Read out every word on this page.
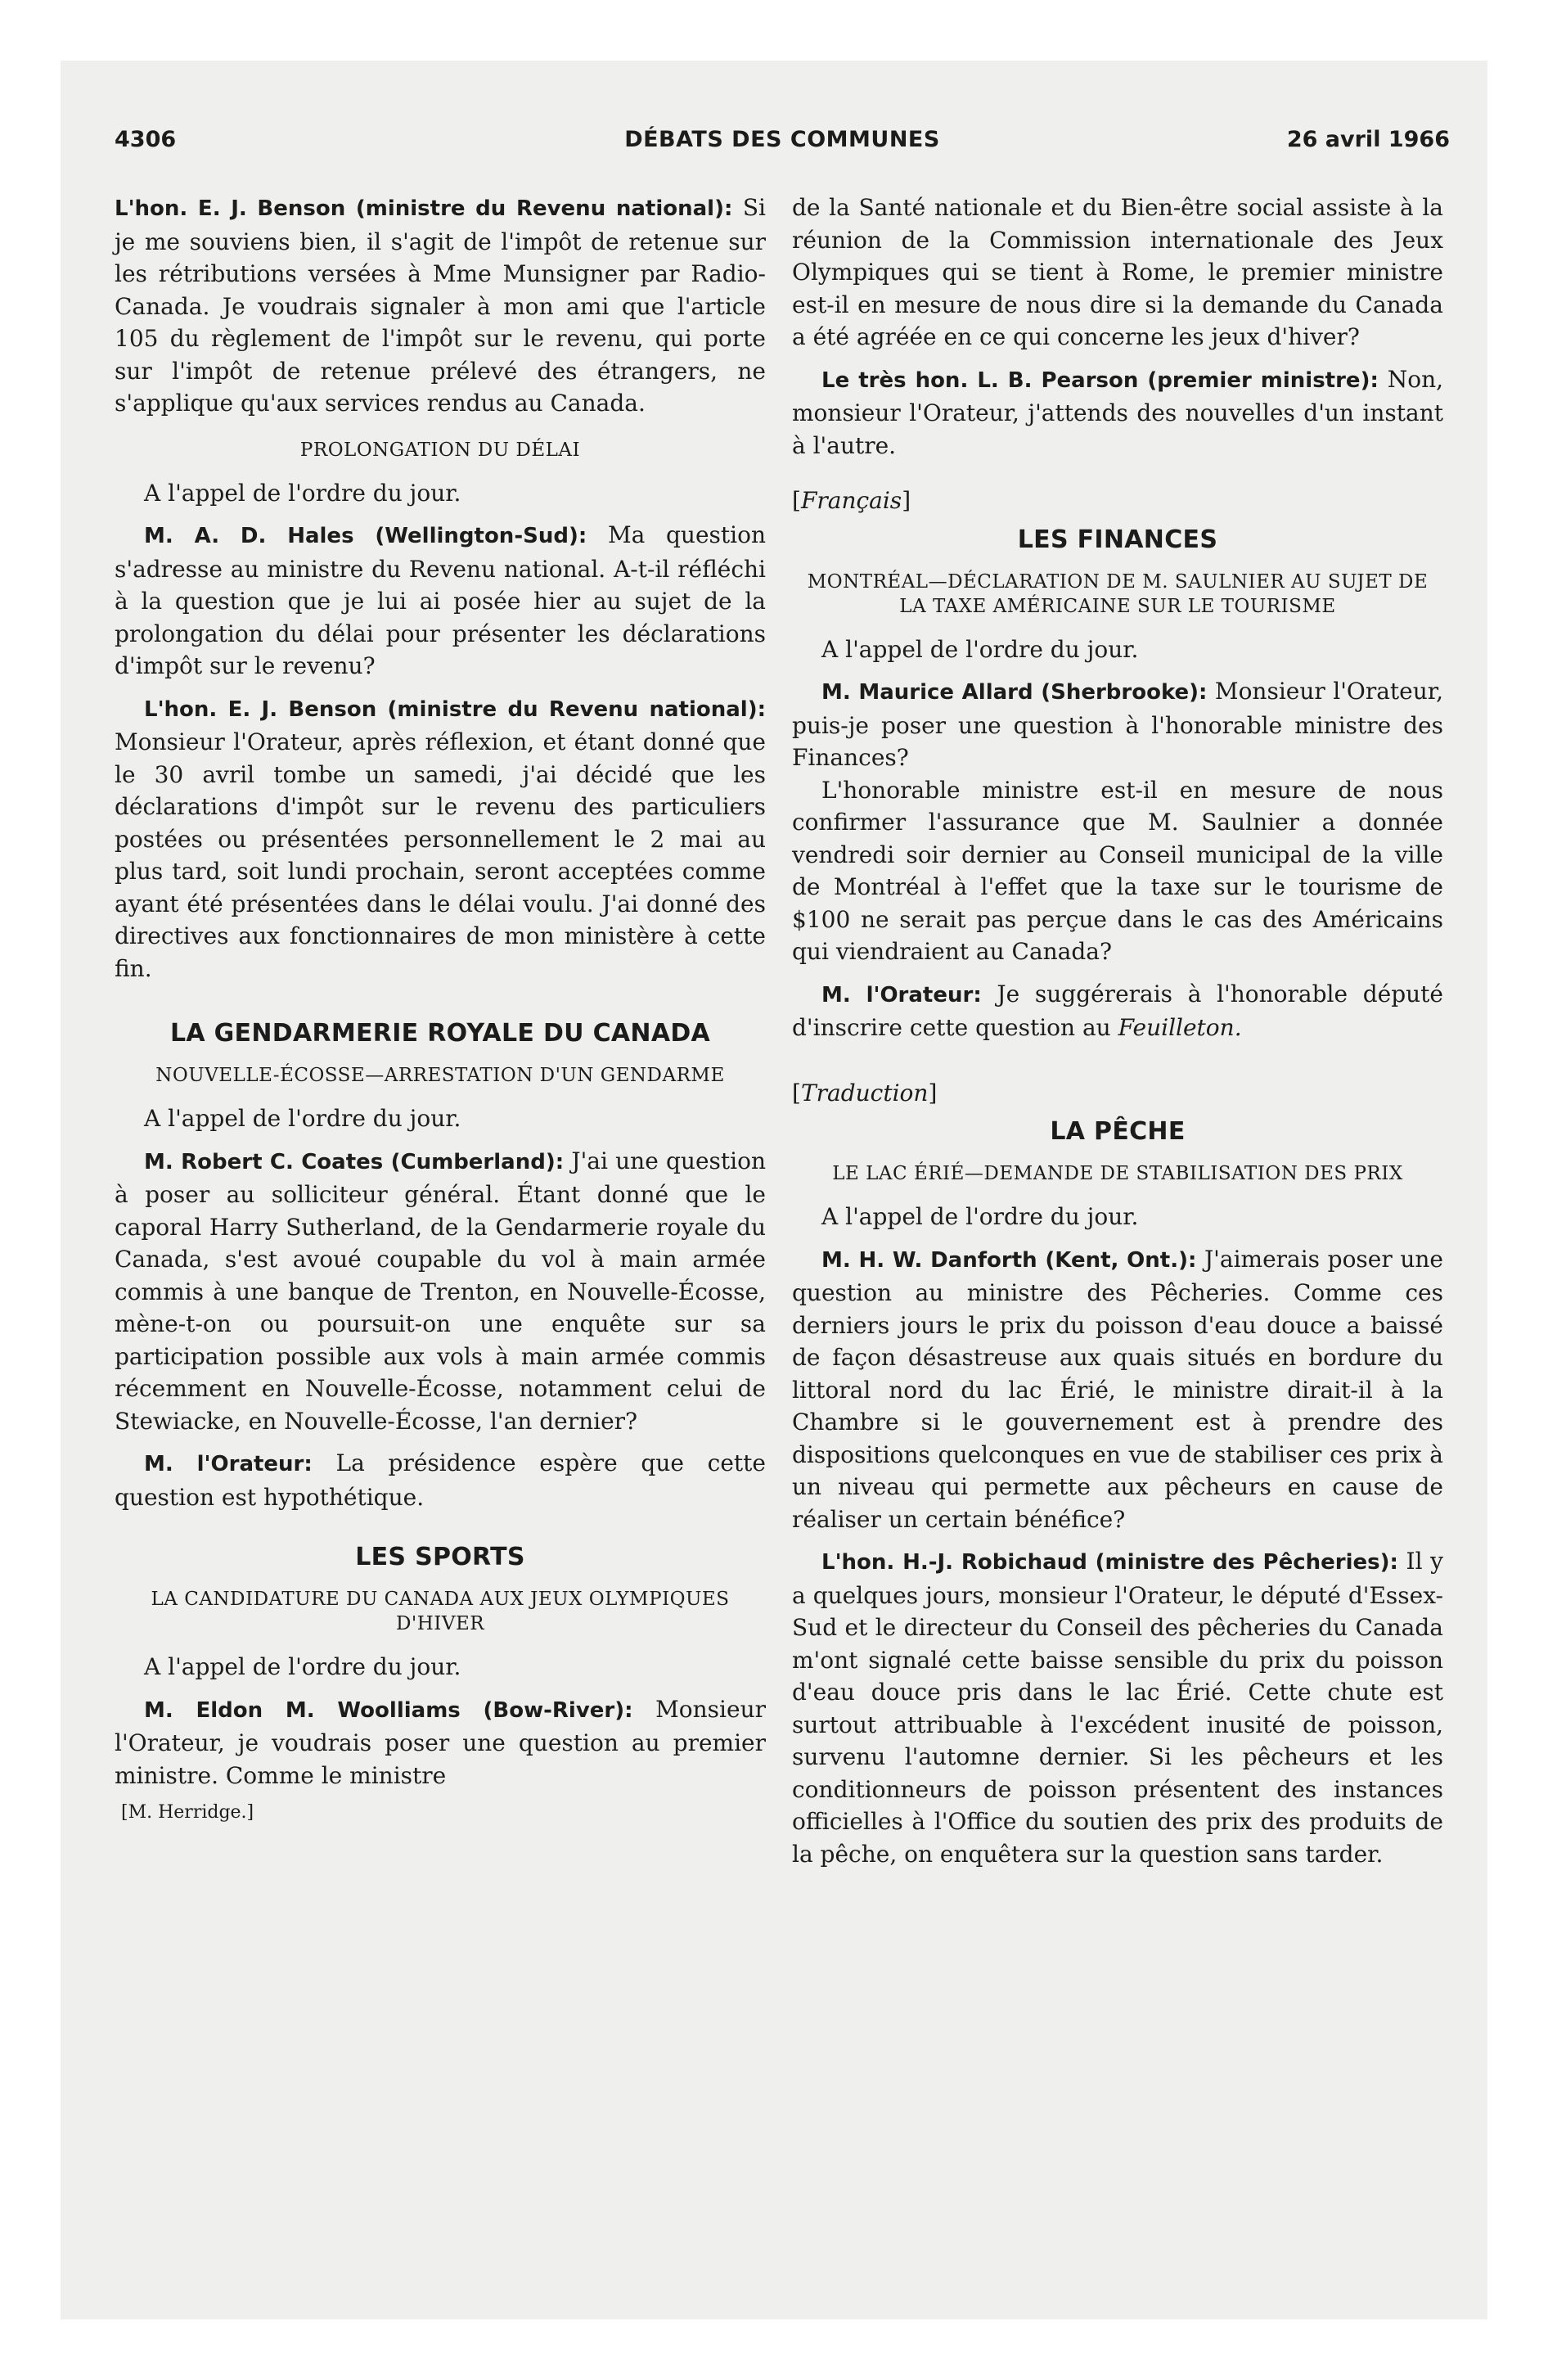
4306	DÉBATS DES COMMUNES	26 avril 1966

L'hon. E. J. Benson (ministre du Revenu national): Si je me souviens bien, il s'agit de l'impôt de retenue sur les rétributions versées à Mme Munsigner par Radio-Canada. Je voudrais signaler à mon ami que l'article 105 du règlement de l'impôt sur le revenu, qui porte sur l'impôt de retenue prélevé des étrangers, ne s'applique qu'aux services rendus au Canada.

PROLONGATION DU DÉLAI

A l'appel de l'ordre du jour.

M. A. D. Hales (Wellington-Sud): Ma question s'adresse au ministre du Revenu national. A-t-il réfléchi à la question que je lui ai posée hier au sujet de la prolongation du délai pour présenter les déclarations d'impôt sur le revenu?

L'hon. E. J. Benson (ministre du Revenu national): Monsieur l'Orateur, après réflexion, et étant donné que le 30 avril tombe un samedi, j'ai décidé que les déclarations d'impôt sur le revenu des particuliers postées ou présentées personnellement le 2 mai au plus tard, soit lundi prochain, seront acceptées comme ayant été présentées dans le délai voulu. J'ai donné des directives aux fonctionnaires de mon ministère à cette fin.

LA GENDARMERIE ROYALE DU CANADA
NOUVELLE-ÉCOSSE—ARRESTATION D'UN GENDARME

A l'appel de l'ordre du jour.

M. Robert C. Coates (Cumberland): J'ai une question à poser au solliciteur général. Étant donné que le caporal Harry Sutherland, de la Gendarmerie royale du Canada, s'est avoué coupable du vol à main armée commis à une banque de Trenton, en Nouvelle-Écosse, mène-t-on ou poursuit-on une enquête sur sa participation possible aux vols à main armée commis récemment en Nouvelle-Écosse, notamment celui de Stewiacke, en Nouvelle-Écosse, l'an dernier?

M. l'Orateur: La présidence espère que cette question est hypothétique.

LES SPORTS
LA CANDIDATURE DU CANADA AUX JEUX OLYMPIQUES D'HIVER

A l'appel de l'ordre du jour.

M. Eldon M. Woolliams (Bow-River): Monsieur l'Orateur, je voudrais poser une question au premier ministre. Comme le ministre

[M. Herridge.]

de la Santé nationale et du Bien-être social assiste à la réunion de la Commission internationale des Jeux Olympiques qui se tient à Rome, le premier ministre est-il en mesure de nous dire si la demande du Canada a été agréée en ce qui concerne les jeux d'hiver?

Le très hon. L. B. Pearson (premier ministre): Non, monsieur l'Orateur, j'attends des nouvelles d'un instant à l'autre.

[Français]
LES FINANCES
MONTRÉAL—DÉCLARATION DE M. SAULNIER AU SUJET DE LA TAXE AMÉRICAINE SUR LE TOURISME

A l'appel de l'ordre du jour.

M. Maurice Allard (Sherbrooke): Monsieur l'Orateur, puis-je poser une question à l'honorable ministre des Finances?

L'honorable ministre est-il en mesure de nous confirmer l'assurance que M. Saulnier a donnée vendredi soir dernier au Conseil municipal de la ville de Montréal à l'effet que la taxe sur le tourisme de $100 ne serait pas perçue dans le cas des Américains qui viendraient au Canada?

M. l'Orateur: Je suggérerais à l'honorable député d'inscrire cette question au Feuilleton.

[Traduction]
LA PÊCHE
LE LAC ÉRIÉ—DEMANDE DE STABILISATION DES PRIX

A l'appel de l'ordre du jour.

M. H. W. Danforth (Kent, Ont.): J'aimerais poser une question au ministre des Pêcheries. Comme ces derniers jours le prix du poisson d'eau douce a baissé de façon désastreuse aux quais situés en bordure du littoral nord du lac Érié, le ministre dirait-il à la Chambre si le gouvernement est à prendre des dispositions quelconques en vue de stabiliser ces prix à un niveau qui permette aux pêcheurs en cause de réaliser un certain bénéfice?

L'hon. H.-J. Robichaud (ministre des Pêcheries): Il y a quelques jours, monsieur l'Orateur, le député d'Essex-Sud et le directeur du Conseil des pêcheries du Canada m'ont signalé cette baisse sensible du prix du poisson d'eau douce pris dans le lac Érié. Cette chute est surtout attribuable à l'excédent inusité de poisson, survenu l'automne dernier. Si les pêcheurs et les conditionneurs de poisson présentent des instances officielles à l'Office du soutien des prix des produits de la pêche, on enquêtera sur la question sans tarder.
